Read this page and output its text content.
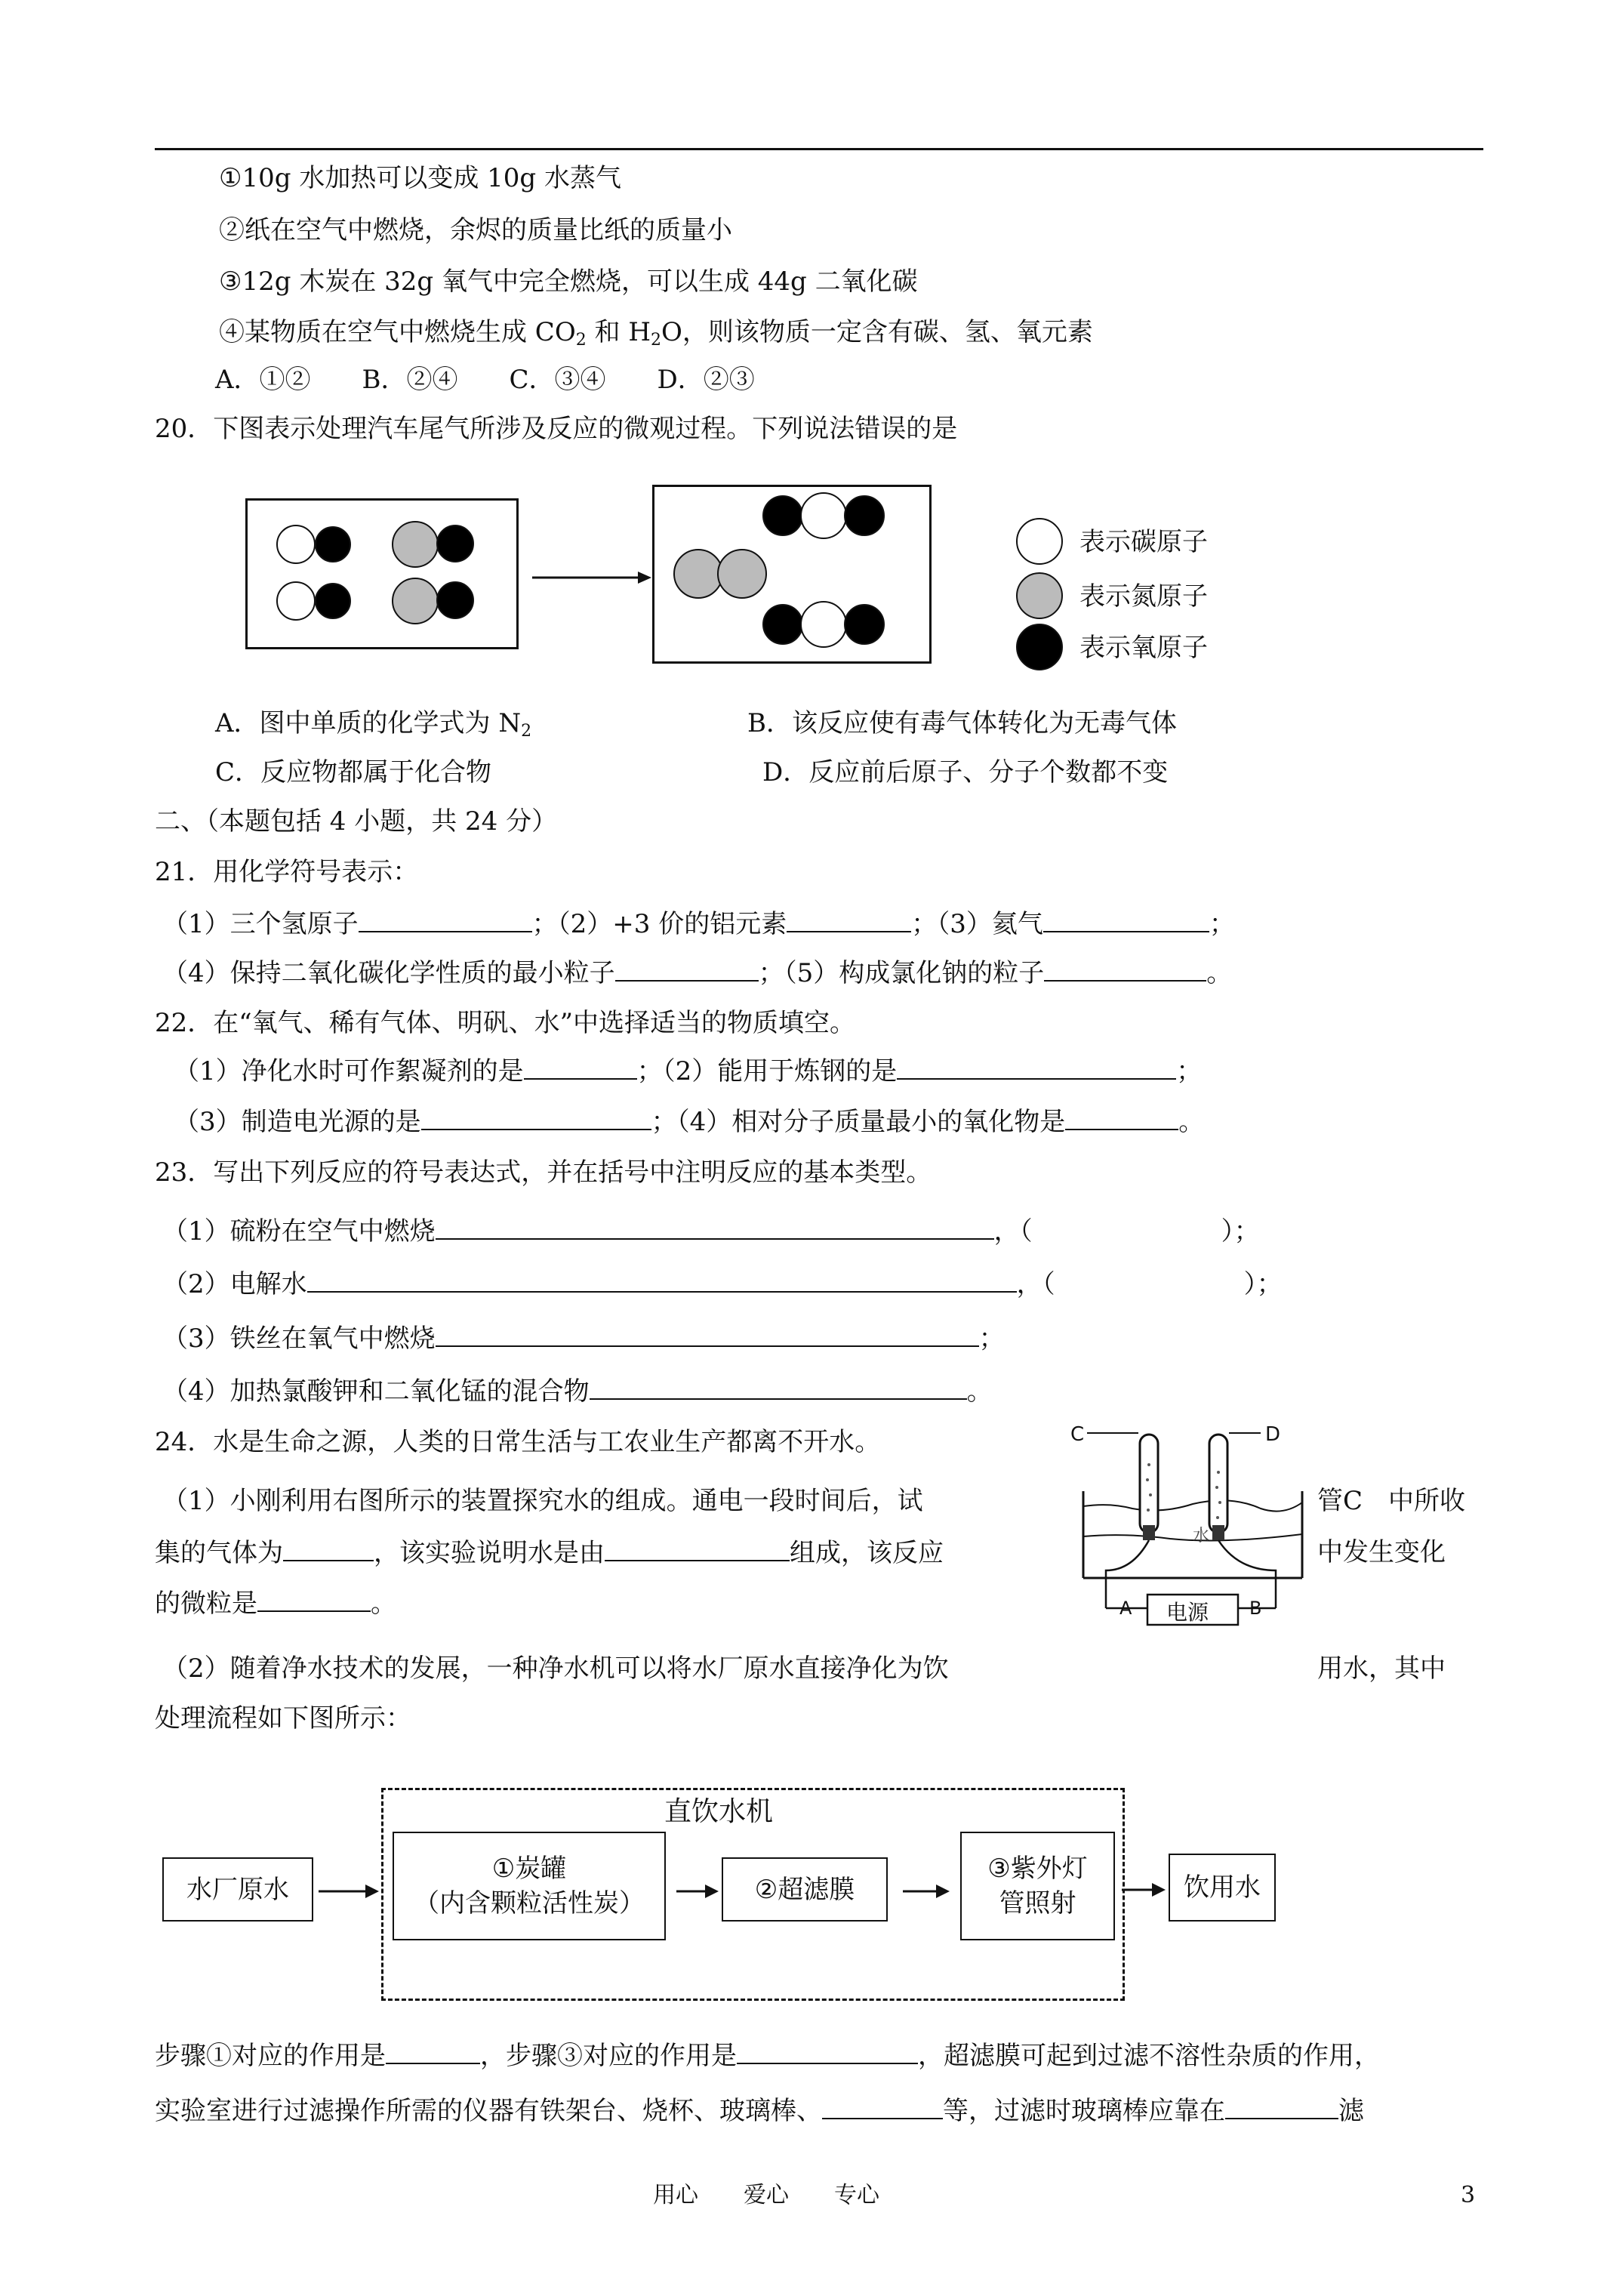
①10g 水加热可以变成 10g 水蒸气
②纸在空气中燃烧，余烬的质量比纸的质量小
③12g 木炭在 32g 氧气中完全燃烧，可以生成 44g 二氧化碳
④某物质在空气中燃烧生成 $CO_2$ 和 $H_2O$，则该物质一定含有碳、氢、氧元素
A．①②　　B．②④　　C．③④　　D．②③
20．下图表示处理汽车尾气所涉及反应的微观过程。下列说法错误的是
表示碳原子
表示氮原子
表示氧原子
A．图中单质的化学式为 $N_2$	B．该反应使有毒气体转化为无毒气体
C．反应物都属于化合物	D．反应前后原子、分子个数都不变
二、（本题包括 4 小题，共 24 分）
21．用化学符号表示：
（1）三个氢原子	；（2）+3 价的铝元素	；（3）氦气	；
（4）保持二氧化碳化学性质的最小粒子	；（5）构成氯化钠的粒子	。
22．在“氧气、稀有气体、明矾、水”中选择适当的物质填空。
（1）净化水时可作絮凝剂的是	；（2）能用于炼钢的是	；
（3）制造电光源的是	；（4）相对分子质量最小的氧化物是	。
23．写出下列反应的符号表达式，并在括号中注明反应的基本类型。
（1）硫粉在空气中燃烧	，（	）；
（2）电解水	，（	）；
（3）铁丝在氧气中燃烧	；
（4）加热氯酸钾和二氧化锰的混合物	。
24．水是生命之源，人类的日常生活与工农业生产都离不开水。
（1）小刚利用右图所示的装置探究水的组成。通电一段时间后，试	管C　中所收
集的气体为	，该实验说明水是由	组成，该反应	中发生变化
的微粒是	。
（2）随着净水技术的发展，一种净水机可以将水厂原水直接净化为饮	用水，其中
处理流程如下图所示：
C	D
水
A	B
电源
直饮水机
水厂原水
①炭罐
（内含颗粒活性炭）	②超滤膜
③紫外灯
管照射
饮用水
步骤①对应的作用是	，步骤③对应的作用是	，超滤膜可起到过滤不溶性杂质的作用，
实验室进行过滤操作所需的仪器有铁架台、烧杯、玻璃棒、	等，过滤时玻璃棒应靠在	滤
用心　　爱心　　专心	3
